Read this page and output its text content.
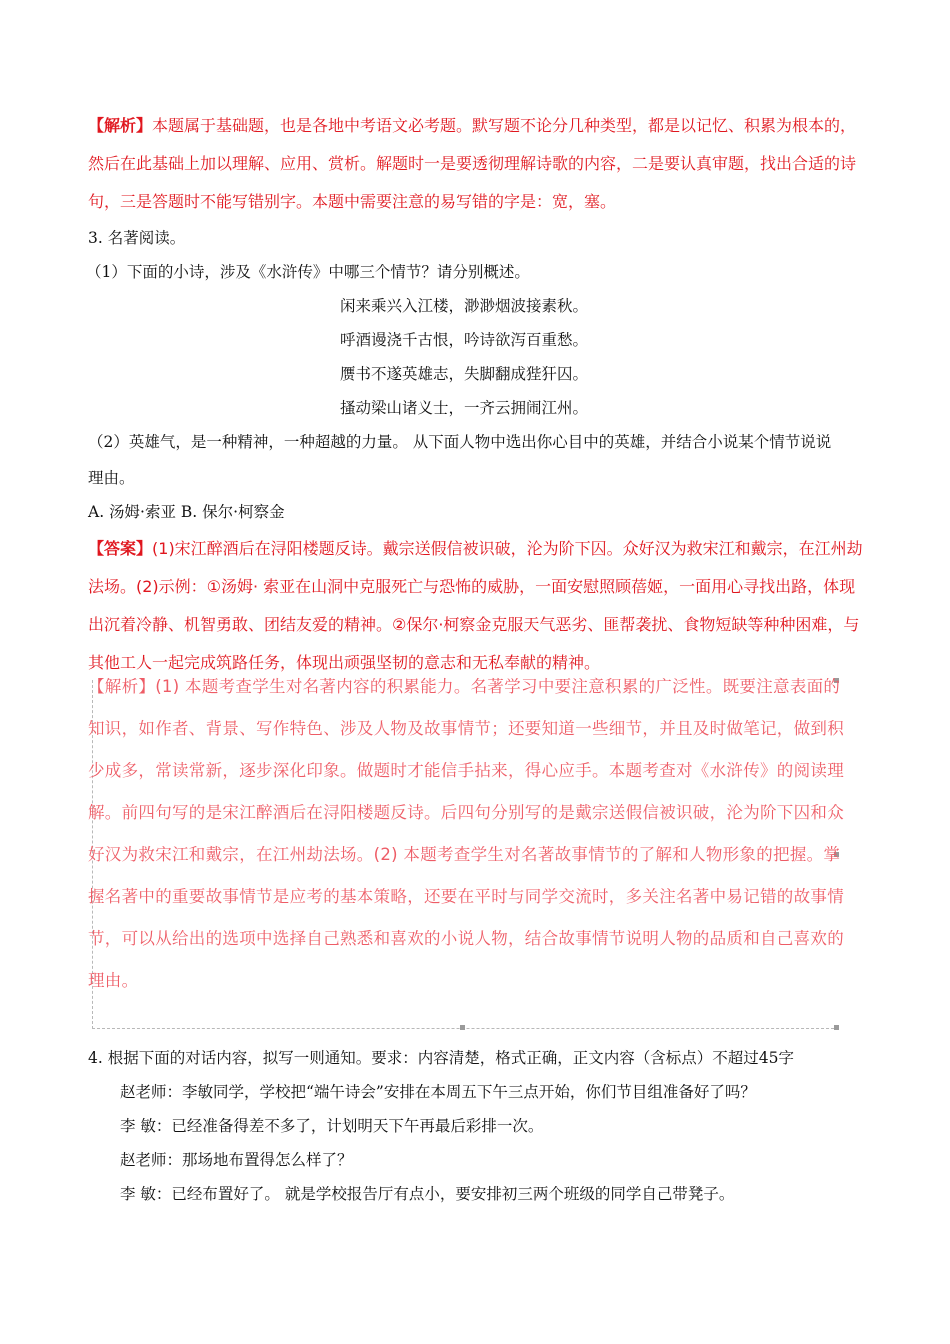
【解析】本题属于基础题，也是各地中考语文必考题。默写题不论分几种类型，都是以记忆、积累为根本的，然后在此基础上加以理解、应用、赏析。解题时一是要透彻理解诗歌的内容，二是要认真审题，找出合适的诗句，三是答题时不能写错别字。本题中需要注意的易写错的字是：宽，塞。
3. 名著阅读。
（1）下面的小诗，涉及《水浒传》中哪三个情节？请分别概述。
闲来乘兴入江楼，渺渺烟波接素秋。
呼酒谩浇千古恨，吟诗欲泻百重愁。
赝书不遂英雄志，失脚翻成狴犴囚。
搔动梁山诸义士，一齐云拥闹江州。
（2）英雄气，是一种精神，一种超越的力量。 从下面人物中选出你心目中的英雄，并结合小说某个情节说说
理由。
A. 汤姆·索亚 B. 保尔·柯察金
【答案】(1)宋江醉酒后在浔阳楼题反诗。戴宗送假信被识破，沦为阶下囚。众好汉为救宋江和戴宗，在江州劫法场。(2)示例：①汤姆· 索亚在山洞中克服死亡与恐怖的威胁，一面安慰照顾蓓姬，一面用心寻找出路，体现出沉着冷静、机智勇敢、团结友爱的精神。②保尔·柯察金克服天气恶劣、匪帮袭扰、食物短缺等种种困难，与其他工人一起完成筑路任务，体现出顽强坚韧的意志和无私奉献的精神。
【解析】(1) 本题考查学生对名著内容的积累能力。名著学习中要注意积累的广泛性。既要注意表面的知识，如作者、背景、写作特色、涉及人物及故事情节；还要知道一些细节，并且及时做笔记，做到积少成多，常读常新，逐步深化印象。做题时才能信手拈来，得心应手。本题考查对《水浒传》的阅读理解。前四句写的是宋江醉酒后在浔阳楼题反诗。后四句分别写的是戴宗送假信被识破，沦为阶下囚和众好汉为救宋江和戴宗，在江州劫法场。(2) 本题考查学生对名著故事情节的了解和人物形象的把握。掌握名著中的重要故事情节是应考的基本策略，还要在平时与同学交流时，多关注名著中易记错的故事情节，可以从给出的选项中选择自己熟悉和喜欢的小说人物，结合故事情节说明人物的品质和自己喜欢的理由。
4. 根据下面的对话内容，拟写一则通知。要求：内容清楚，格式正确，正文内容（含标点）不超过45字
赵老师：李敏同学，学校把“端午诗会”安排在本周五下午三点开始，你们节目组准备好了吗？
李 敏：已经准备得差不多了，计划明天下午再最后彩排一次。
赵老师：那场地布置得怎么样了？
李 敏：已经布置好了。 就是学校报告厅有点小，要安排初三两个班级的同学自己带凳子。
